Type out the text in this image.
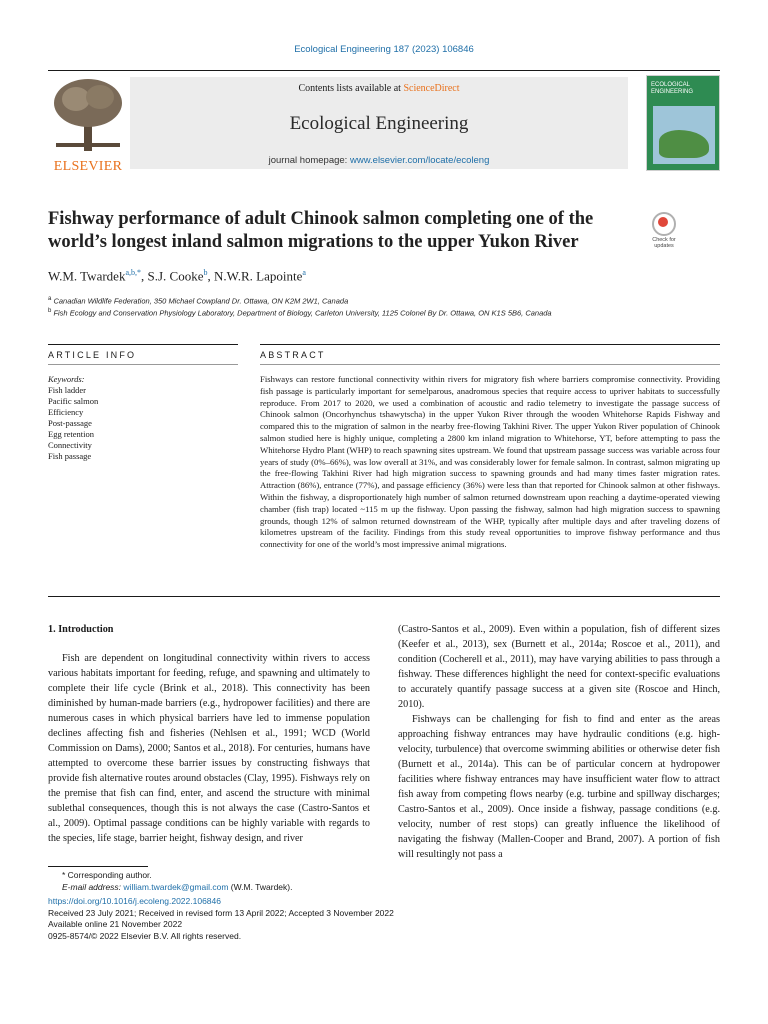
Ecological Engineering 187 (2023) 106846
ELSEVIER
Contents lists available at ScienceDirect
Ecological Engineering
journal homepage: www.elsevier.com/locate/ecoleng
ECOLOGICAL ENGINEERING
Fishway performance of adult Chinook salmon completing one of the world’s longest inland salmon migrations to the upper Yukon River	Check for updates
W.M. Twardek$^{a,b,*}$, S.J. Cooke$^b$, N.W.R. Lapointe$^a$
$^a$ Canadian Wildlife Federation, 350 Michael Cowpland Dr. Ottawa, ON K2M 2W1, Canada
$^b$ Fish Ecology and Conservation Physiology Laboratory, Department of Biology, Carleton University, 1125 Colonel By Dr. Ottawa, ON K1S 5B6, Canada
ARTICLE INFO	ABSTRACT
Keywords:
Fish ladder
Pacific salmon
Efficiency
Post-passage
Egg retention
Connectivity
Fish passage
Fishways can restore functional connectivity within rivers for migratory fish where barriers compromise connectivity. Providing fish passage is particularly important for semelparous, anadromous species that require access to upriver habitats to successfully reproduce. From 2017 to 2020, we used a combination of acoustic and radio telemetry to investigate the passage success of Chinook salmon (Oncorhynchus tshawytscha) in the upper Yukon River through the wooden Whitehorse Rapids Fishway and compared this to the migration of salmon in the nearby free-flowing Takhini River. The upper Yukon River population of Chinook salmon studied here is highly unique, completing a 2800 km inland migration to Whitehorse, YT, before attempting to pass the Whitehorse Hydro Plant (WHP) to reach spawning sites upstream. We found that upstream passage success was variable across four years of study (0%–66%), was low overall at 31%, and was considerably lower for female salmon. In contrast, salmon migrating up the free-flowing Takhini River had high migration success to spawning grounds and had many times faster migration rates. Attraction (86%), entrance (77%), and passage efficiency (36%) were less than that reported for Chinook salmon at other fishways. Within the fishway, a disproportionately high number of salmon returned downstream upon reaching a daytime-operated viewing chamber (fish trap) located ~115 m up the fishway. Upon passing the fishway, salmon had high migration success to spawning grounds, though 12% of salmon returned downstream of the WHP, typically after multiple days and after traveling dozens of kilometres upstream of the facility. Findings from this study reveal opportunities to improve fishway performance and thus connectivity for one of the world’s most impressive animal migrations.
1. Introduction

Fish are dependent on longitudinal connectivity within rivers to access various habitats important for feeding, refuge, and spawning and ultimately to complete their life cycle (Brink et al., 2018). This connectivity has been diminished by human-made barriers (e.g., hydropower facilities) and there are numerous cases in which physical barriers have led to immense population declines affecting fish and fisheries (Nehlsen et al., 1991; WCD (World Commission on Dams), 2000; Santos et al., 2018). For centuries, humans have attempted to overcome these barrier issues by constructing fishways that provide fish alternative routes around obstacles (Clay, 1995). Fishways rely on the premise that fish can find, enter, and ascend the structure with minimal sublethal consequences, though this is not always the case (Castro-Santos et al., 2009). Optimal passage conditions can be highly variable with regards to the species, life stage, barrier height, fishway design, and river

(Castro-Santos et al., 2009). Even within a population, fish of different sizes (Keefer et al., 2013), sex (Burnett et al., 2014a; Roscoe et al., 2011), and condition (Cocherell et al., 2011), may have varying abilities to pass through a fishway. These differences highlight the need for context-specific evaluations to accurately quantify passage success at a given site (Roscoe and Hinch, 2010).

Fishways can be challenging for fish to find and enter as the areas approaching fishway entrances may have hydraulic conditions (e.g. high-velocity, turbulence) that overcome swimming abilities or otherwise deter fish (Burnett et al., 2014a). This can be of particular concern at hydropower facilities where fishway entrances may have insufficient water flow to attract fish away from competing flows nearby (e.g. turbine and spillway discharges; Castro-Santos et al., 2009). Once inside a fishway, passage conditions (e.g. velocity, number of rest stops) can greatly influence the likelihood of navigating the fishway (Mallen-Cooper and Brand, 2007). A portion of fish will resultingly not pass a

* Corresponding author.
E-mail address: william.twardek@gmail.com (W.M. Twardek).
https://doi.org/10.1016/j.ecoleng.2022.106846
Received 23 July 2021; Received in revised form 13 April 2022; Accepted 3 November 2022
Available online 21 November 2022
0925-8574/© 2022 Elsevier B.V. All rights reserved.
